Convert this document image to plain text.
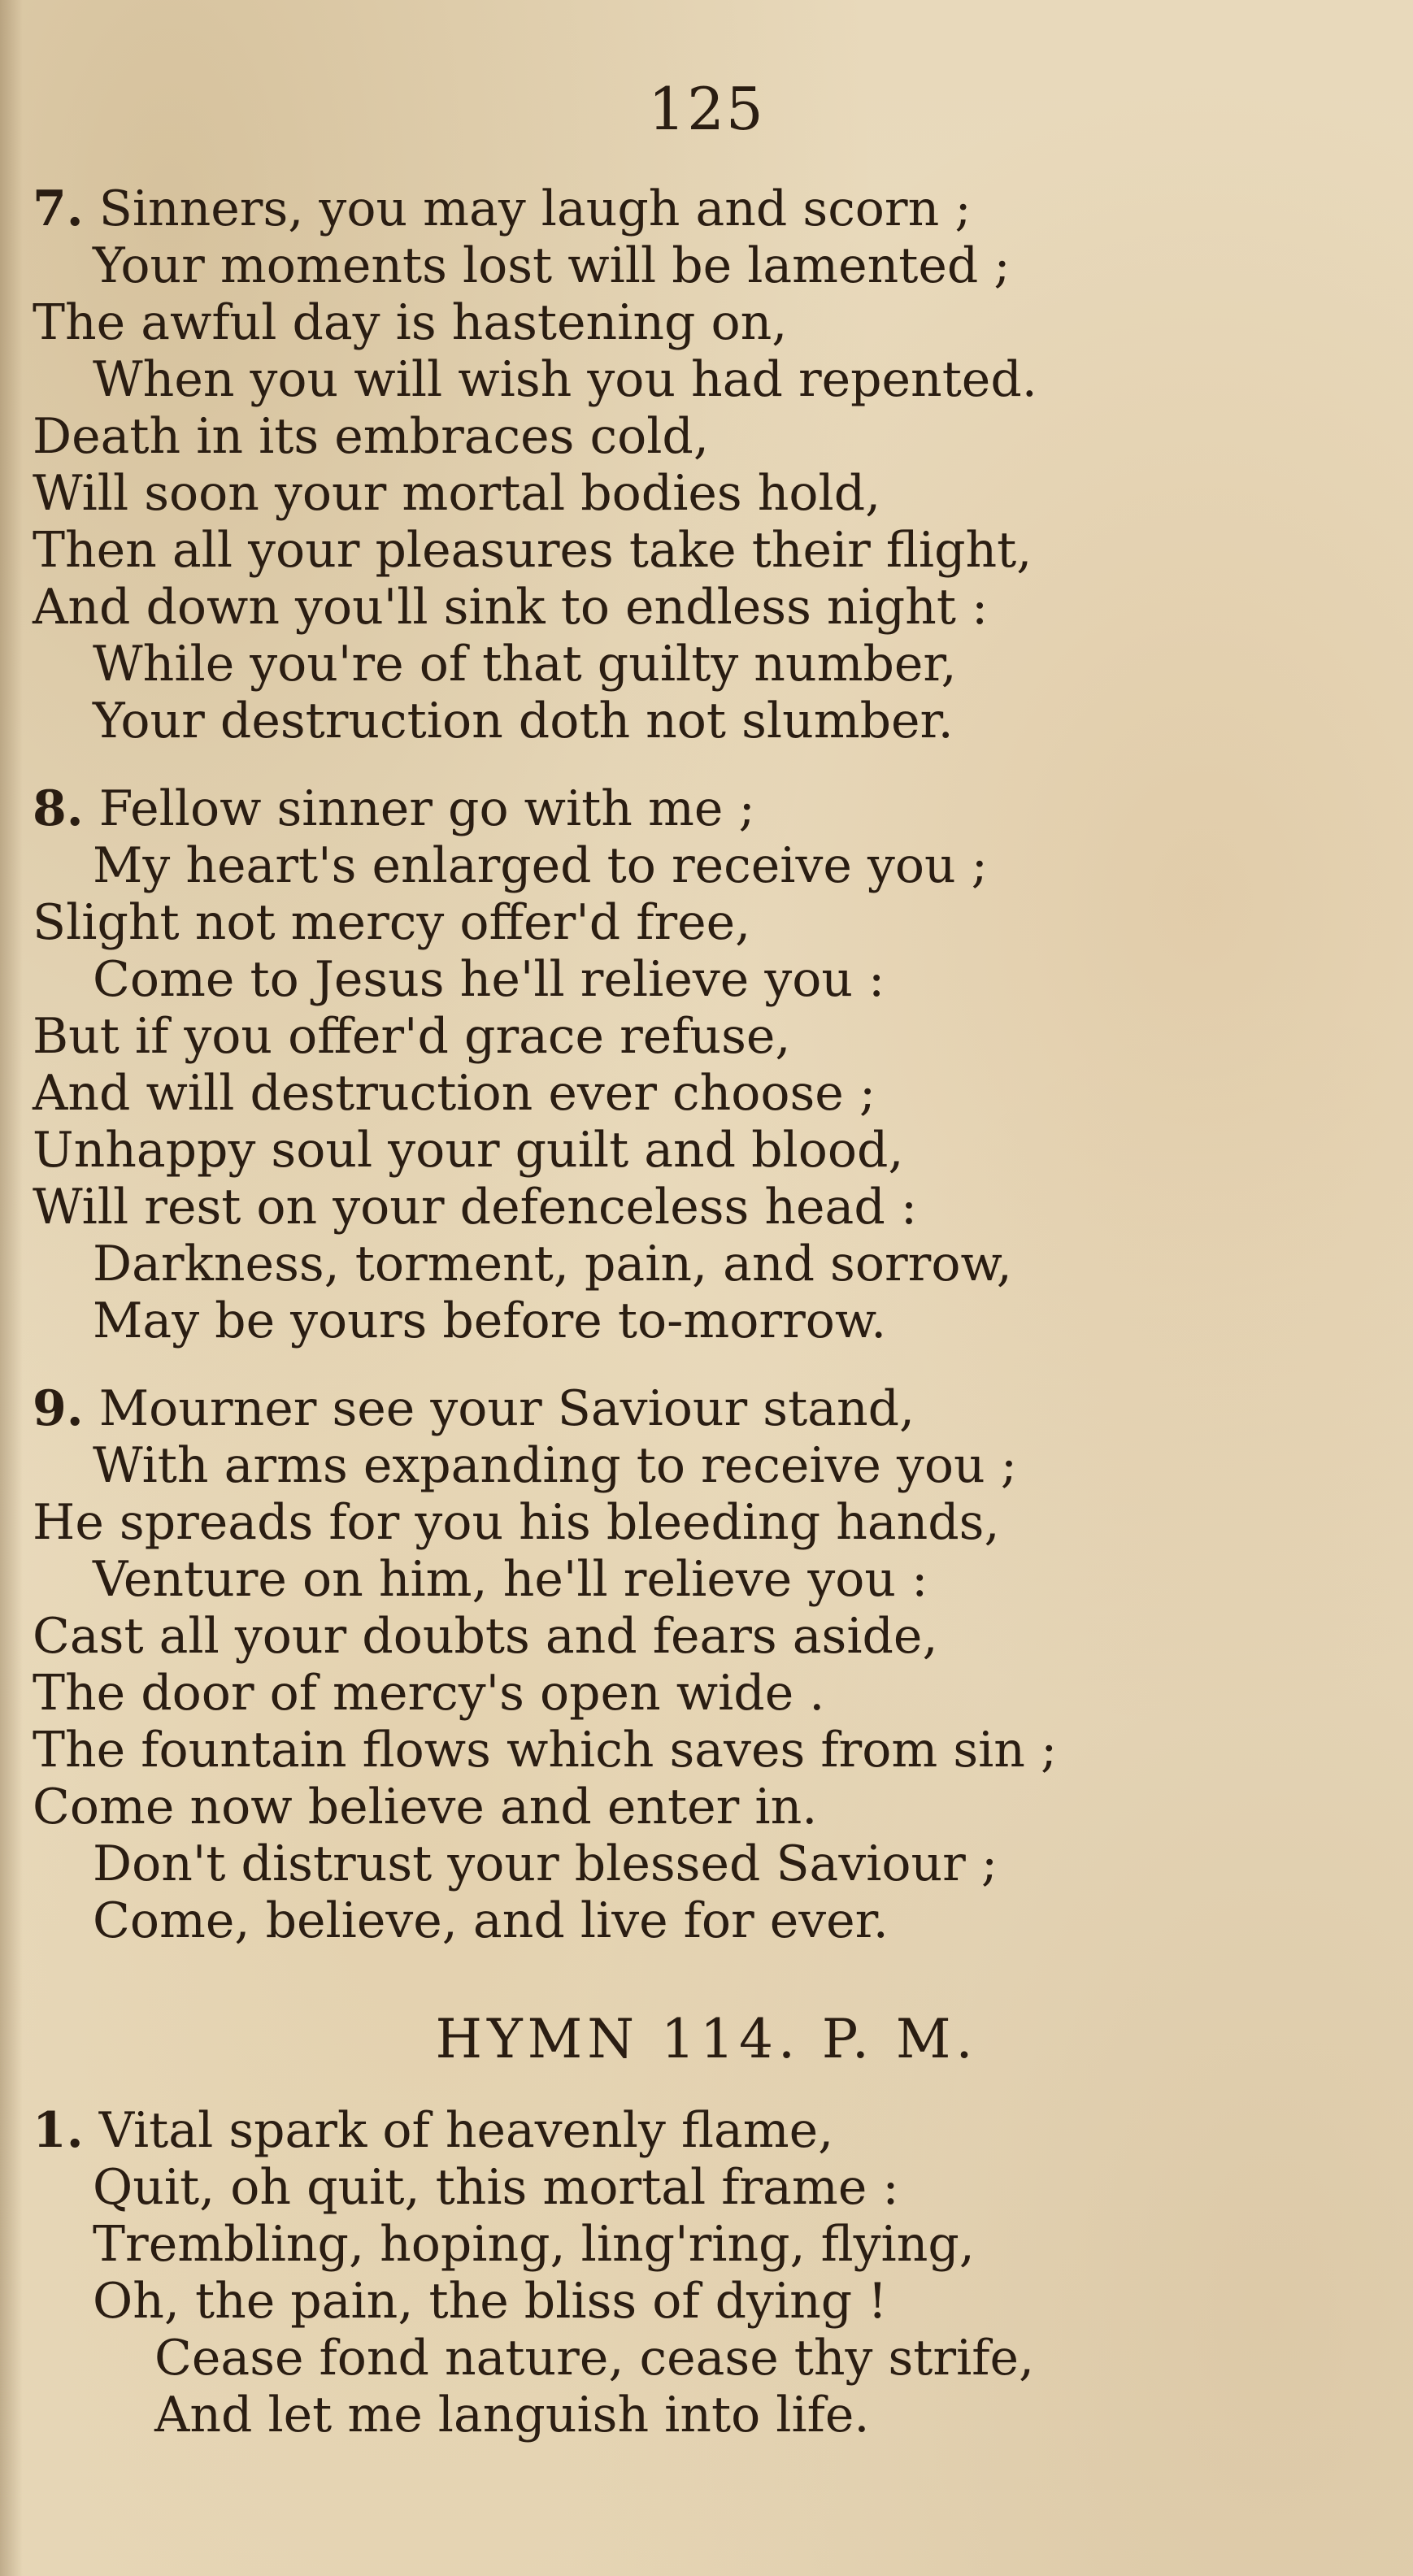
125
7. Sinners, you may laugh and scorn ;
Your moments lost will be lamented ;
The awful day is hastening on,
When you will wish you had repented.
Death in its embraces cold,
Will soon your mortal bodies hold,
Then all your pleasures take their flight,
And down you'll sink to endless night :
While you're of that guilty number,
Your destruction doth not slumber.
8. Fellow sinner go with me ;
My heart's enlarged to receive you ;
Slight not mercy offer'd free,
Come to Jesus he'll relieve you :
But if you offer'd grace refuse,
And will destruction ever choose ;
Unhappy soul your guilt and blood,
Will rest on your defenceless head :
Darkness, torment, pain, and sorrow,
May be yours before to-morrow.
9. Mourner see your Saviour stand,
With arms expanding to receive you ;
He spreads for you his bleeding hands,
Venture on him, he'll relieve you :
Cast all your doubts and fears aside,
The door of mercy's open wide .
The fountain flows which saves from sin ;
Come now believe and enter in.
Don't distrust your blessed Saviour ;
Come, believe, and live for ever.
HYMN 114. P. M.
1. Vital spark of heavenly flame,
Quit, oh quit, this mortal frame :
Trembling, hoping, ling'ring, flying,
Oh, the pain, the bliss of dying !
Cease fond nature, cease thy strife,
And let me languish into life.
